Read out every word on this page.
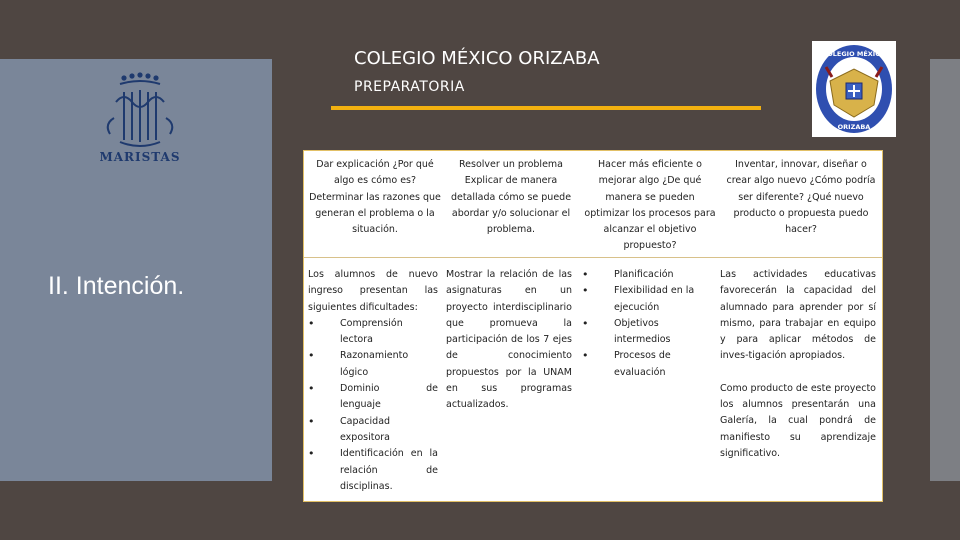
MARISTAS
II. Intención.
COLEGIO MÉXICO ORIZABA
PREPARATORIA
COLEGIO MÉXICO
ORIZABA
Dar explicación ¿Por qué algo es cómo es? Determinar las razones que generan el problema o la situación.
Resolver un problema Explicar de manera detallada cómo se puede abordar y/o solucionar el problema.
Hacer más eficiente o mejorar algo ¿De qué manera se pueden optimizar los procesos para alcanzar el objetivo propuesto?
Inventar, innovar, diseñar o crear algo nuevo ¿Cómo podría ser diferente? ¿Qué nuevo producto o propuesta puedo hacer?
Los alumnos de nuevo ingreso presentan las siguientes dificultades:
• Comprensión lectora
• Razonamiento lógico
• Dominio de lenguaje
• Capacidad expositora
• Identificación en la relación de disciplinas.
Mostrar la relación de las asignaturas en un proyecto interdisciplinario que promueva la participación de los 7 ejes de conocimiento propuestos por la UNAM en sus programas actualizados.
• Planificación
• Flexibilidad en la ejecución
• Objetivos intermedios
• Procesos de evaluación
Las actividades educativas favorecerán la capacidad del alumnado para aprender por sí mismo, para trabajar en equipo y para aplicar métodos de inves-tigación apropiados.
Como producto de este proyecto los alumnos presentarán una Galería, la cual pondrá de manifiesto su aprendizaje significativo.
